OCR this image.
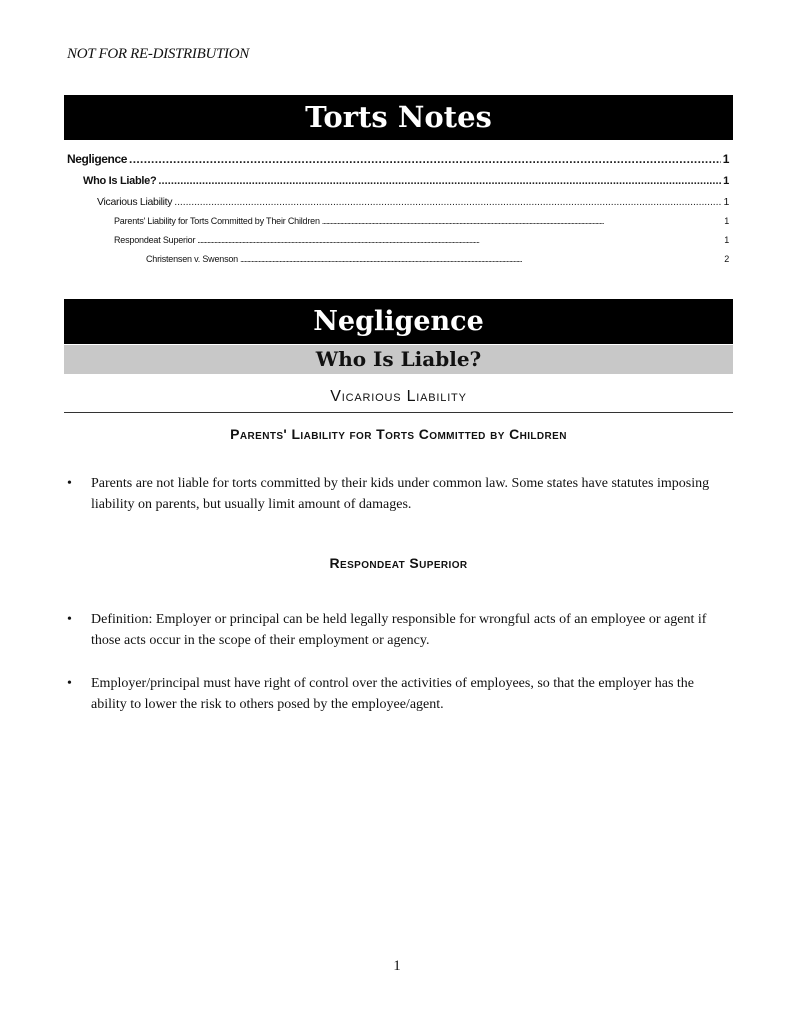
NOT FOR RE-DISTRIBUTION
Torts Notes
Negligence . . .	1
Who Is Liable? . . .	1
Vicarious Liability . . .	1
Parents' Liability for Torts Committed by Their Children . . .	1
Respondeat Superior . . .	1
Christensen v. Swenson . . .	2
Negligence
Who Is Liable?
Vicarious Liability
Parents' Liability for Torts Committed by Children
• Parents are not liable for torts committed by their kids under common law. Some states have statutes imposing liability on parents, but usually limit amount of damages.
Respondeat Superior
• Definition: Employer or principal can be held legally responsible for wrongful acts of an employee or agent if those acts occur in the scope of their employment or agency.
• Employer/principal must have right of control over the activities of employees, so that the employer has the ability to lower the risk to others posed by the employee/agent.
1
